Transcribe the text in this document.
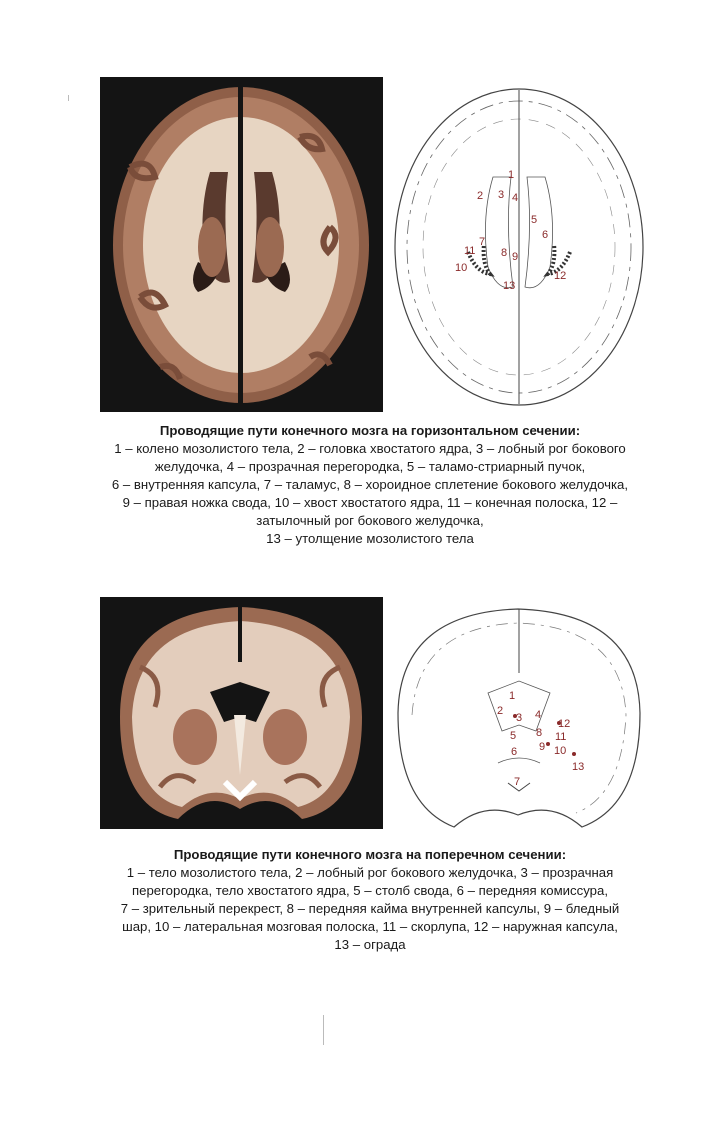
1
2 3 4
5
6
7
8 9
10
11
12
13
Проводящие пути конечного мозга на горизонтальном сечении:
1 – колено мозолистого тела, 2 – головка хвостатого ядра, 3 – лобный рог бокового
желудочка, 4 – прозрачная перегородка, 5 – таламо-стриарный пучок,
6 – внутренняя капсула, 7 – таламус, 8 – хороидное сплетение бокового желудочка,
9 – правая ножка свода, 10 – хвост хвостатого ядра, 11 – конечная полоска, 12 –
затылочный рог бокового желудочка,
13 – утолщение мозолистого тела
1
2
3 4
5
6
7
8
9 10
11
12
13
Проводящие пути конечного мозга на поперечном сечении:
1 – тело мозолистого тела, 2 – лобный рог бокового желудочка, 3 – прозрачная
перегородка, тело хвостатого ядра, 5 – столб свода, 6 – передняя комиссура,
7 – зрительный перекрест, 8 – передняя кайма внутренней капсулы, 9 – бледный
шар, 10 – латеральная мозговая полоска, 11 – скорлупа, 12 – наружная капсула,
13 – ограда
